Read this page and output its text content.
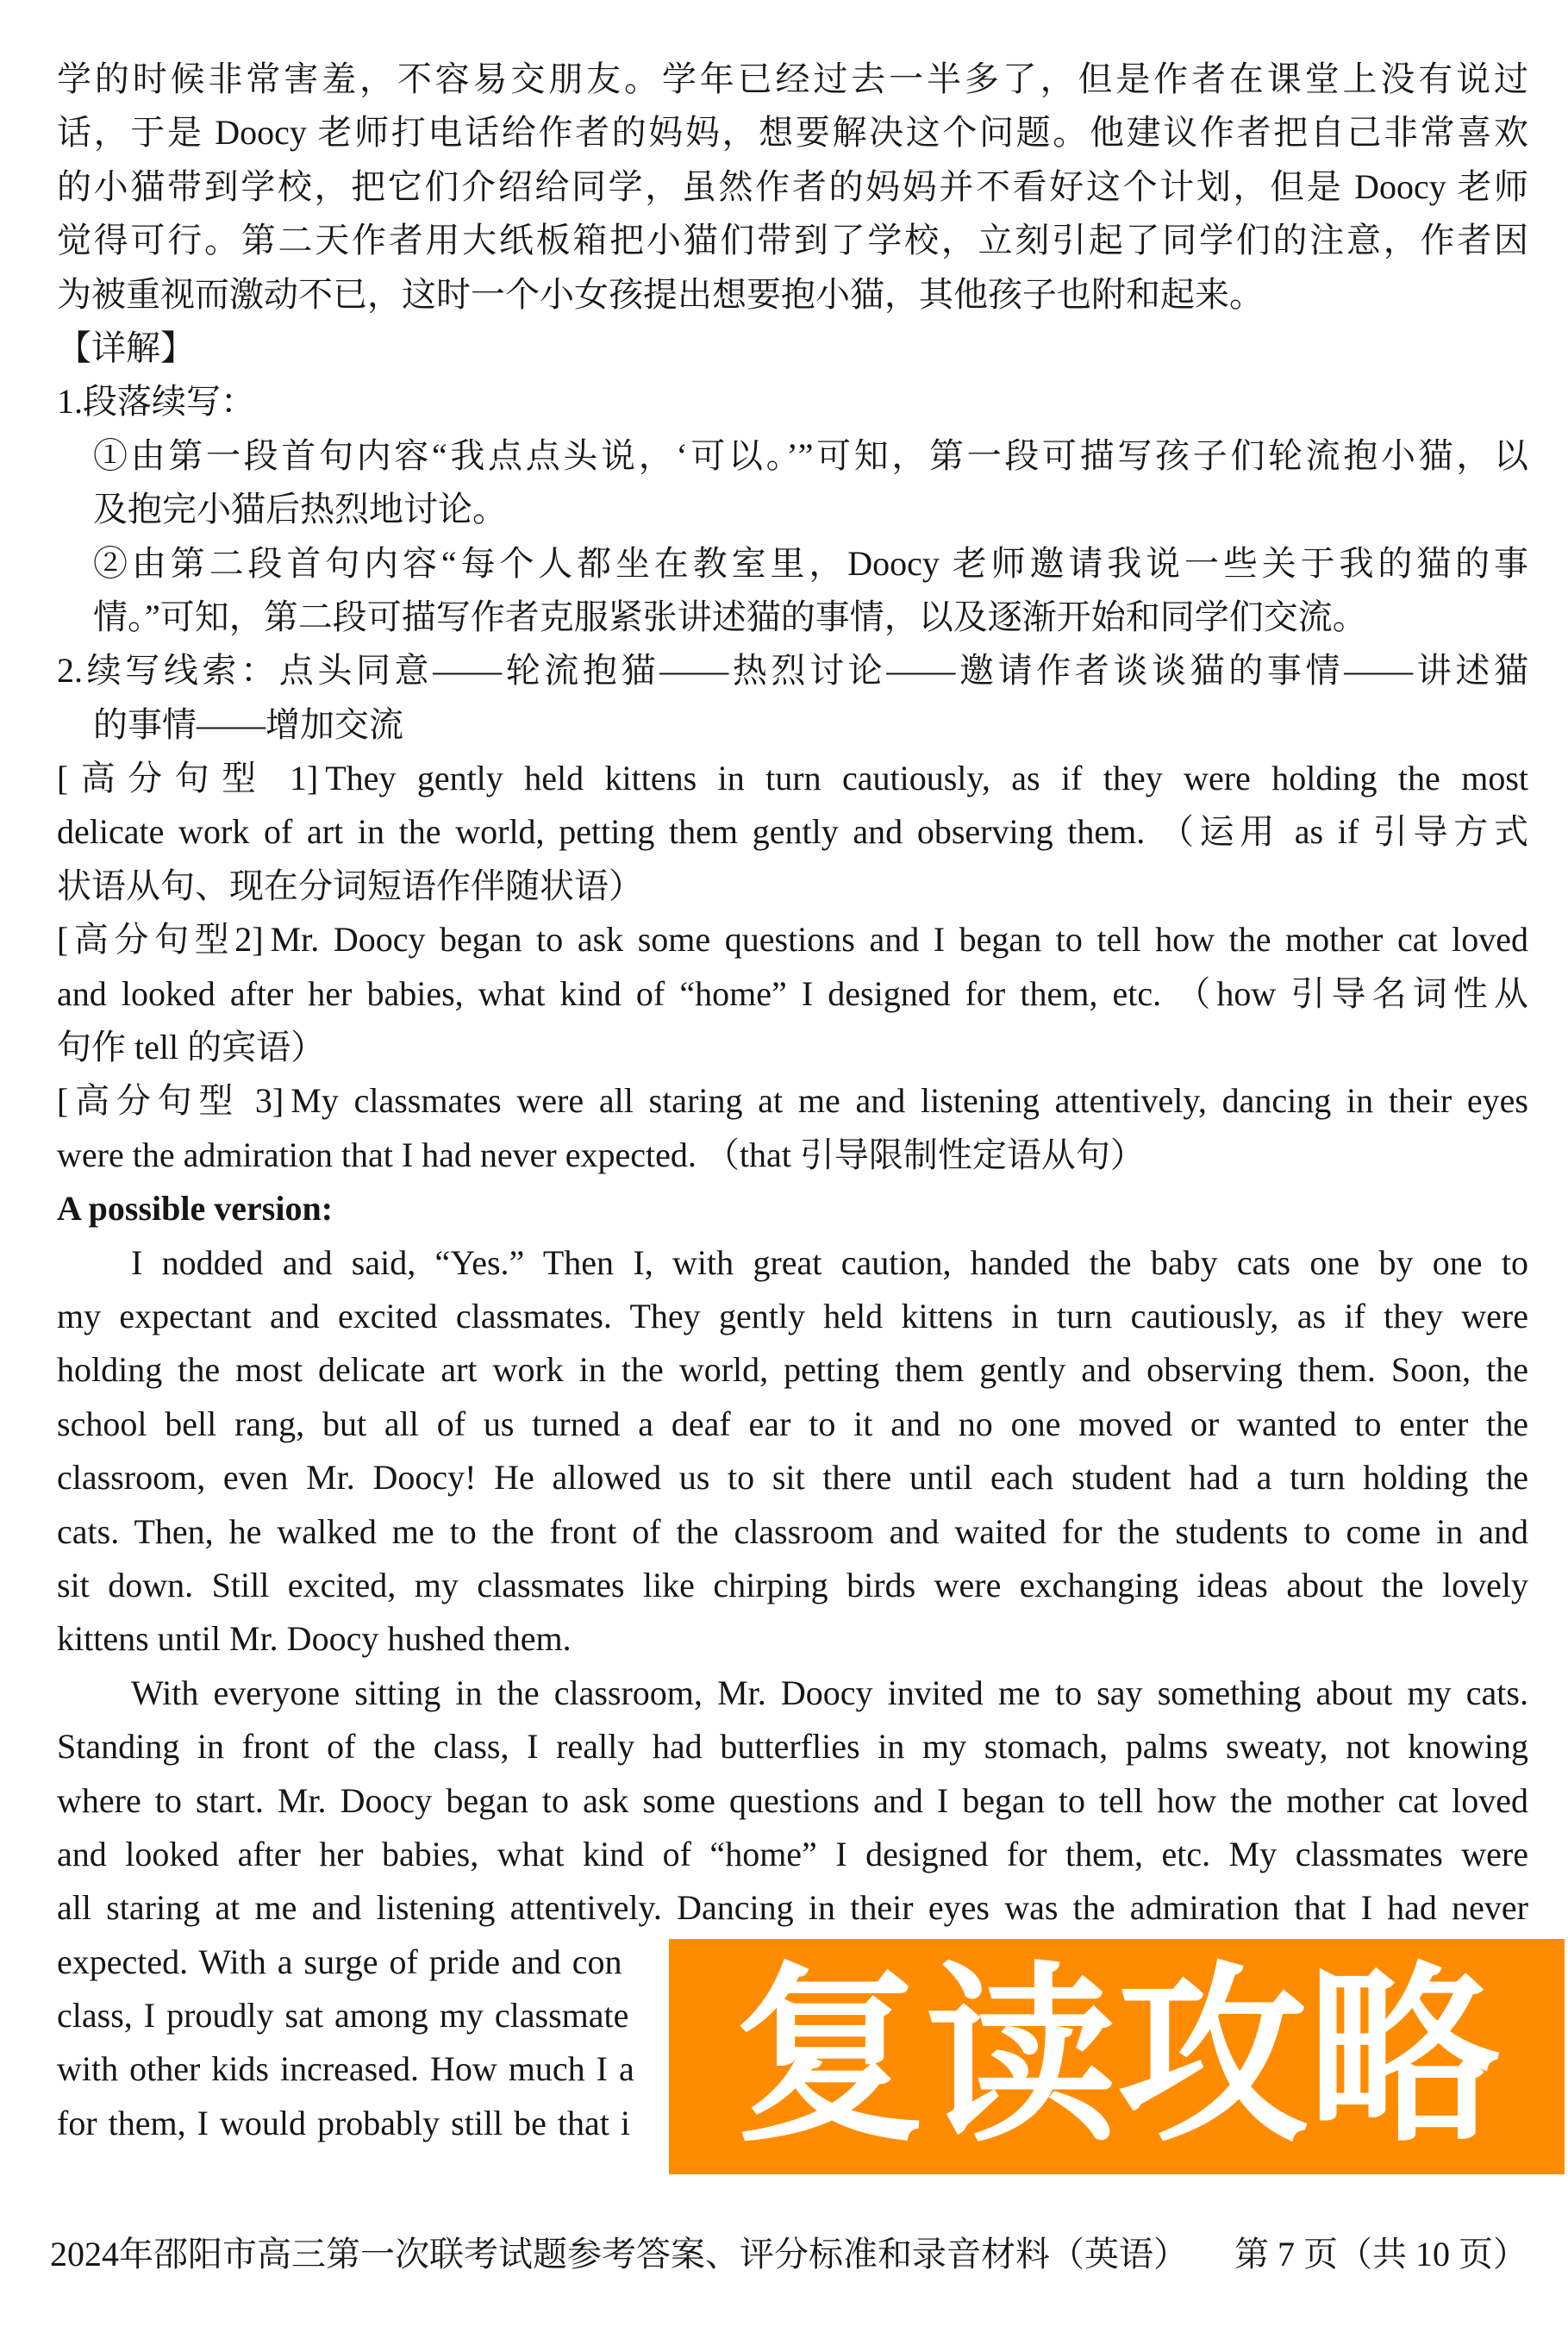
学的时候非常害羞，不容易交朋友。学年已经过去一半多了，但是作者在课堂上没有说过
话，于是 Doocy 老师打电话给作者的妈妈，想要解决这个问题。他建议作者把自己非常喜欢
的小猫带到学校，把它们介绍给同学，虽然作者的妈妈并不看好这个计划，但是 Doocy 老师
觉得可行。第二天作者用大纸板箱把小猫们带到了学校，立刻引起了同学们的注意，作者因
为被重视而激动不已，这时一个小女孩提出想要抱小猫，其他孩子也附和起来。
【详解】
1.段落续写：
①由第一段首句内容“我点点头说，‘可以。’”可知，第一段可描写孩子们轮流抱小猫，以
及抱完小猫后热烈地讨论。
②由第二段首句内容“每个人都坐在教室里，Doocy 老师邀请我说一些关于我的猫的事
情。”可知，第二段可描写作者克服紧张讲述猫的事情，以及逐渐开始和同学们交流。
2.续写线索：点头同意——轮流抱猫——热烈讨论——邀请作者谈谈猫的事情——讲述猫
的事情——增加交流
[高分句型 1] They gently held kittens in turn cautiously, as if they were holding the most
delicate work of art in the world, petting them gently and observing them. （运用 as if 引导方式
状语从句、现在分词短语作伴随状语）
[高分句型2] Mr. Doocy began to ask some questions and I began to tell how the mother cat loved
and looked after her babies, what kind of “home” I designed for them, etc. （how 引导名词性从
句作 tell 的宾语）
[高分句型 3] My classmates were all staring at me and listening attentively, dancing in their eyes
were the admiration that I had never expected. （that 引导限制性定语从句）
A possible version:
I nodded and said, “Yes.” Then I, with great caution, handed the baby cats one by one to
my expectant and excited classmates. They gently held kittens in turn cautiously, as if they were
holding the most delicate art work in the world, petting them gently and observing them. Soon, the
school bell rang, but all of us turned a deaf ear to it and no one moved or wanted to enter the
classroom, even Mr. Doocy! He allowed us to sit there until each student had a turn holding the
cats. Then, he walked me to the front of the classroom and waited for the students to come in and
sit down. Still excited, my classmates like chirping birds were exchanging ideas about the lovely
kittens until Mr. Doocy hushed them.
With everyone sitting in the classroom, Mr. Doocy invited me to say something about my cats.
Standing in front of the class, I really had butterflies in my stomach, palms sweaty, not knowing
where to start. Mr. Doocy began to ask some questions and I began to tell how the mother cat loved
and looked after her babies, what kind of “home” I designed for them, etc. My classmates were
all staring at me and listening attentively. Dancing in their eyes was the admiration that I had never
expected. With a surge of pride and con
class, I proudly sat among my classmate
with other kids increased. How much I a
for them, I would probably still be that i 复读攻略
2024年邵阳市高三第一次联考试题参考答案、评分标准和录音材料（英语） 第 7 页（共 10 页）
